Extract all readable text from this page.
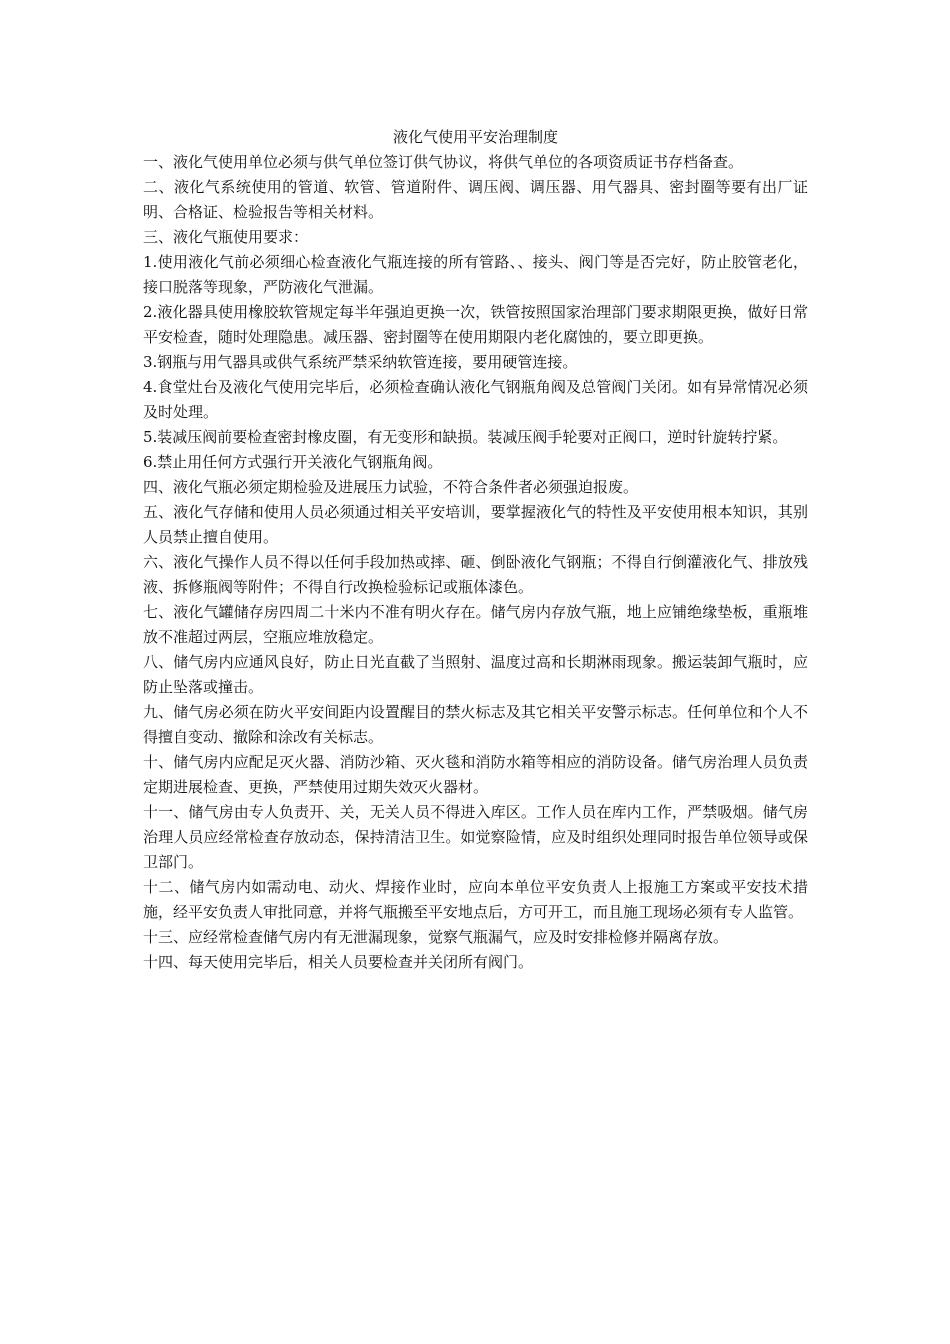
液化气使用平安治理制度

一、液化气使用单位必须与供气单位签订供气协议，将供气单位的各项资质证书存档备查。

二、液化气系统使用的管道、软管、管道附件、调压阀、调压器、用气器具、密封圈等要有出厂证明、合格证、检验报告等相关材料。

三、液化气瓶使用要求：

1.使用液化气前必须细心检查液化气瓶连接的所有管路、、接头、阀门等是否完好，防止胶管老化，接口脱落等现象，严防液化气泄漏。

2.液化器具使用橡胶软管规定每半年强迫更换一次，铁管按照国家治理部门要求期限更换，做好日常平安检查，随时处理隐患。减压器、密封圈等在使用期限内老化腐蚀的，要立即更换。

3.钢瓶与用气器具或供气系统严禁采纳软管连接，要用硬管连接。

4.食堂灶台及液化气使用完毕后，必须检查确认液化气钢瓶角阀及总管阀门关闭。如有异常情况必须及时处理。

5.装减压阀前要检查密封橡皮圈，有无变形和缺损。装减压阀手轮要对正阀口，逆时针旋转拧紧。

6.禁止用任何方式强行开关液化气钢瓶角阀。

四、液化气瓶必须定期检验及进展压力试验，不符合条件者必须强迫报废。

五、液化气存储和使用人员必须通过相关平安培训，要掌握液化气的特性及平安使用根本知识，其别人员禁止擅自使用。

六、液化气操作人员不得以任何手段加热或摔、砸、倒卧液化气钢瓶；不得自行倒灌液化气、排放残液、拆修瓶阀等附件；不得自行改换检验标记或瓶体漆色。

七、液化气罐储存房四周二十米内不准有明火存在。储气房内存放气瓶，地上应铺绝缘垫板，重瓶堆放不准超过两层，空瓶应堆放稳定。

八、储气房内应通风良好，防止日光直截了当照射、温度过高和长期淋雨现象。搬运装卸气瓶时，应防止坠落或撞击。

九、储气房必须在防火平安间距内设置醒目的禁火标志及其它相关平安警示标志。任何单位和个人不得擅自变动、撤除和涂改有关标志。

十、储气房内应配足灭火器、消防沙箱、灭火毯和消防水箱等相应的消防设备。储气房治理人员负责定期进展检查、更换，严禁使用过期失效灭火器材。

十一、储气房由专人负责开、关，无关人员不得进入库区。工作人员在库内工作，严禁吸烟。储气房治理人员应经常检查存放动态，保持清洁卫生。如觉察险情，应及时组织处理同时报告单位领导或保卫部门。

十二、储气房内如需动电、动火、焊接作业时，应向本单位平安负责人上报施工方案或平安技术措施，经平安负责人审批同意，并将气瓶搬至平安地点后，方可开工，而且施工现场必须有专人监管。

十三、应经常检查储气房内有无泄漏现象，觉察气瓶漏气，应及时安排检修并隔离存放。

十四、每天使用完毕后，相关人员要检查并关闭所有阀门。
